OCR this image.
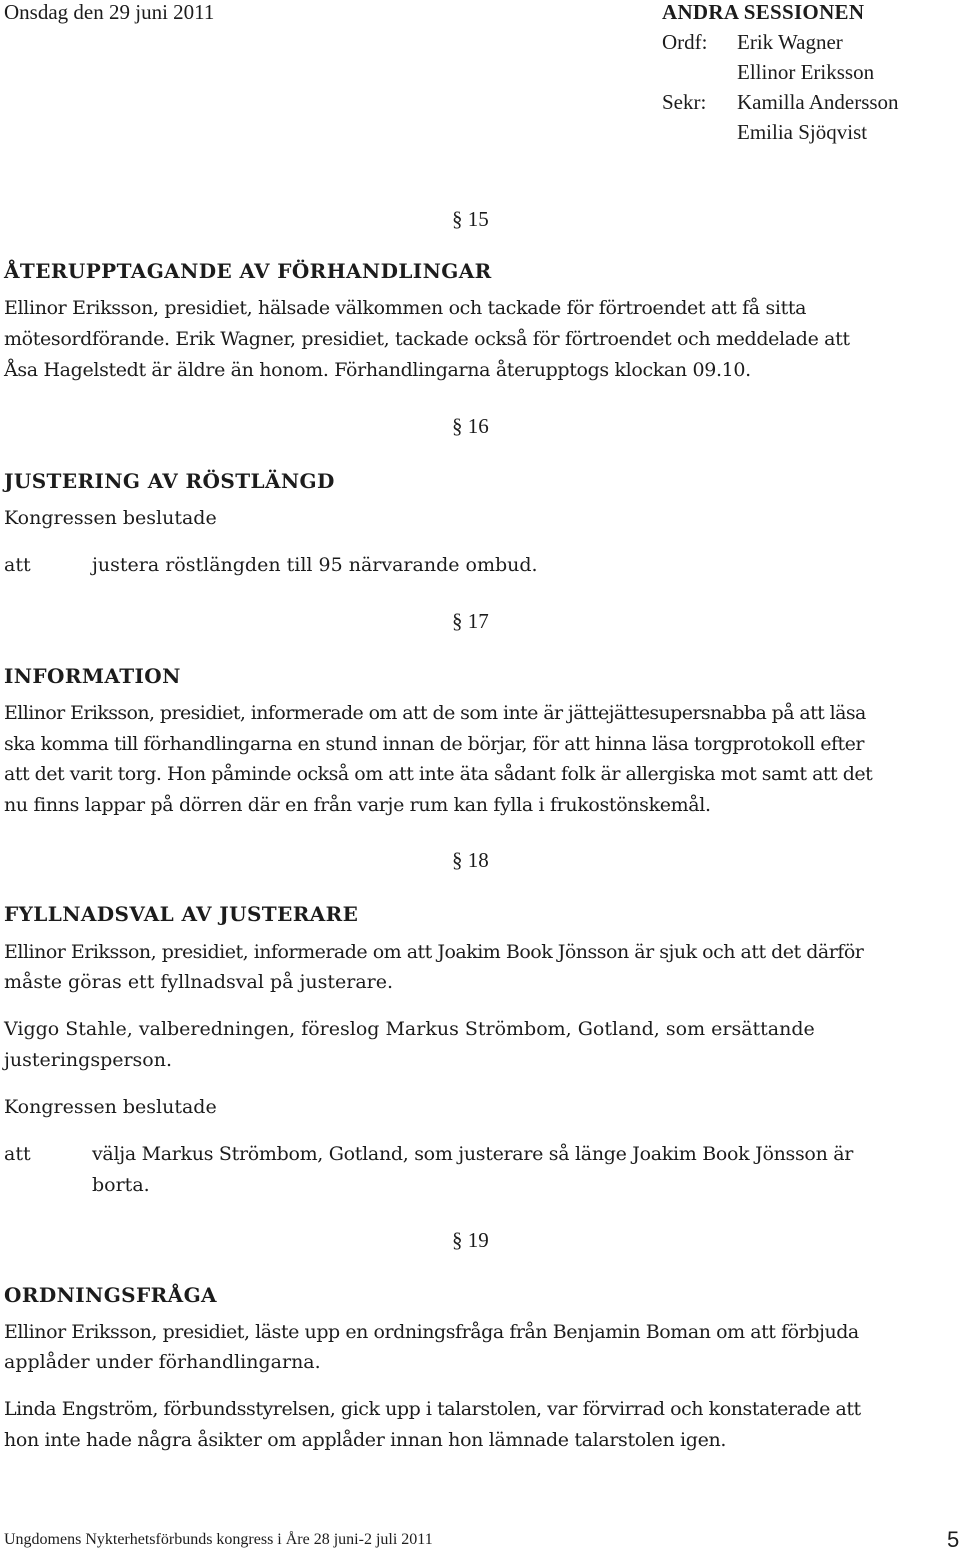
Onsdag den 29 juni 2011	ANDRA SESSIONEN
Ordf: Erik Wagner
Ellinor Eriksson
Sekr: Kamilla Andersson
Emilia Sjöqvist
§ 15
ÅTERUPPTAGANDE AV FÖRHANDLINGAR
Ellinor Eriksson, presidiet, hälsade välkommen och tackade för förtroendet att få sitta
mötesordförande. Erik Wagner, presidiet, tackade också för förtroendet och meddelade att
Åsa Hagelstedt är äldre än honom. Förhandlingarna återupptogs klockan 09.10.
§ 16
JUSTERING AV RÖSTLÄNGD
Kongressen beslutade
att	justera röstlängden till 95 närvarande ombud.
§ 17
INFORMATION
Ellinor Eriksson, presidiet, informerade om att de som inte är jättejättesupersnabba på att läsa
ska komma till förhandlingarna en stund innan de börjar, för att hinna läsa torgprotokoll efter
att det varit torg. Hon påminde också om att inte äta sådant folk är allergiska mot samt att det
nu finns lappar på dörren där en från varje rum kan fylla i frukostönskemål.
§ 18
FYLLNADSVAL AV JUSTERARE
Ellinor Eriksson, presidiet, informerade om att Joakim Book Jönsson är sjuk och att det därför
måste göras ett fyllnadsval på justerare.
Viggo Stahle, valberedningen, föreslog Markus Strömbom, Gotland, som ersättande
justeringsperson.
Kongressen beslutade
att	välja Markus Strömbom, Gotland, som justerare så länge Joakim Book Jönsson är
borta.
§ 19
ORDNINGSFRÅGA
Ellinor Eriksson, presidiet, läste upp en ordningsfråga från Benjamin Boman om att förbjuda
applåder under förhandlingarna.
Linda Engström, förbundsstyrelsen, gick upp i talarstolen, var förvirrad och konstaterade att
hon inte hade några åsikter om applåder innan hon lämnade talarstolen igen.
Ungdomens Nykterhetsförbunds kongress i Åre 28 juni-2 juli 2011	5
